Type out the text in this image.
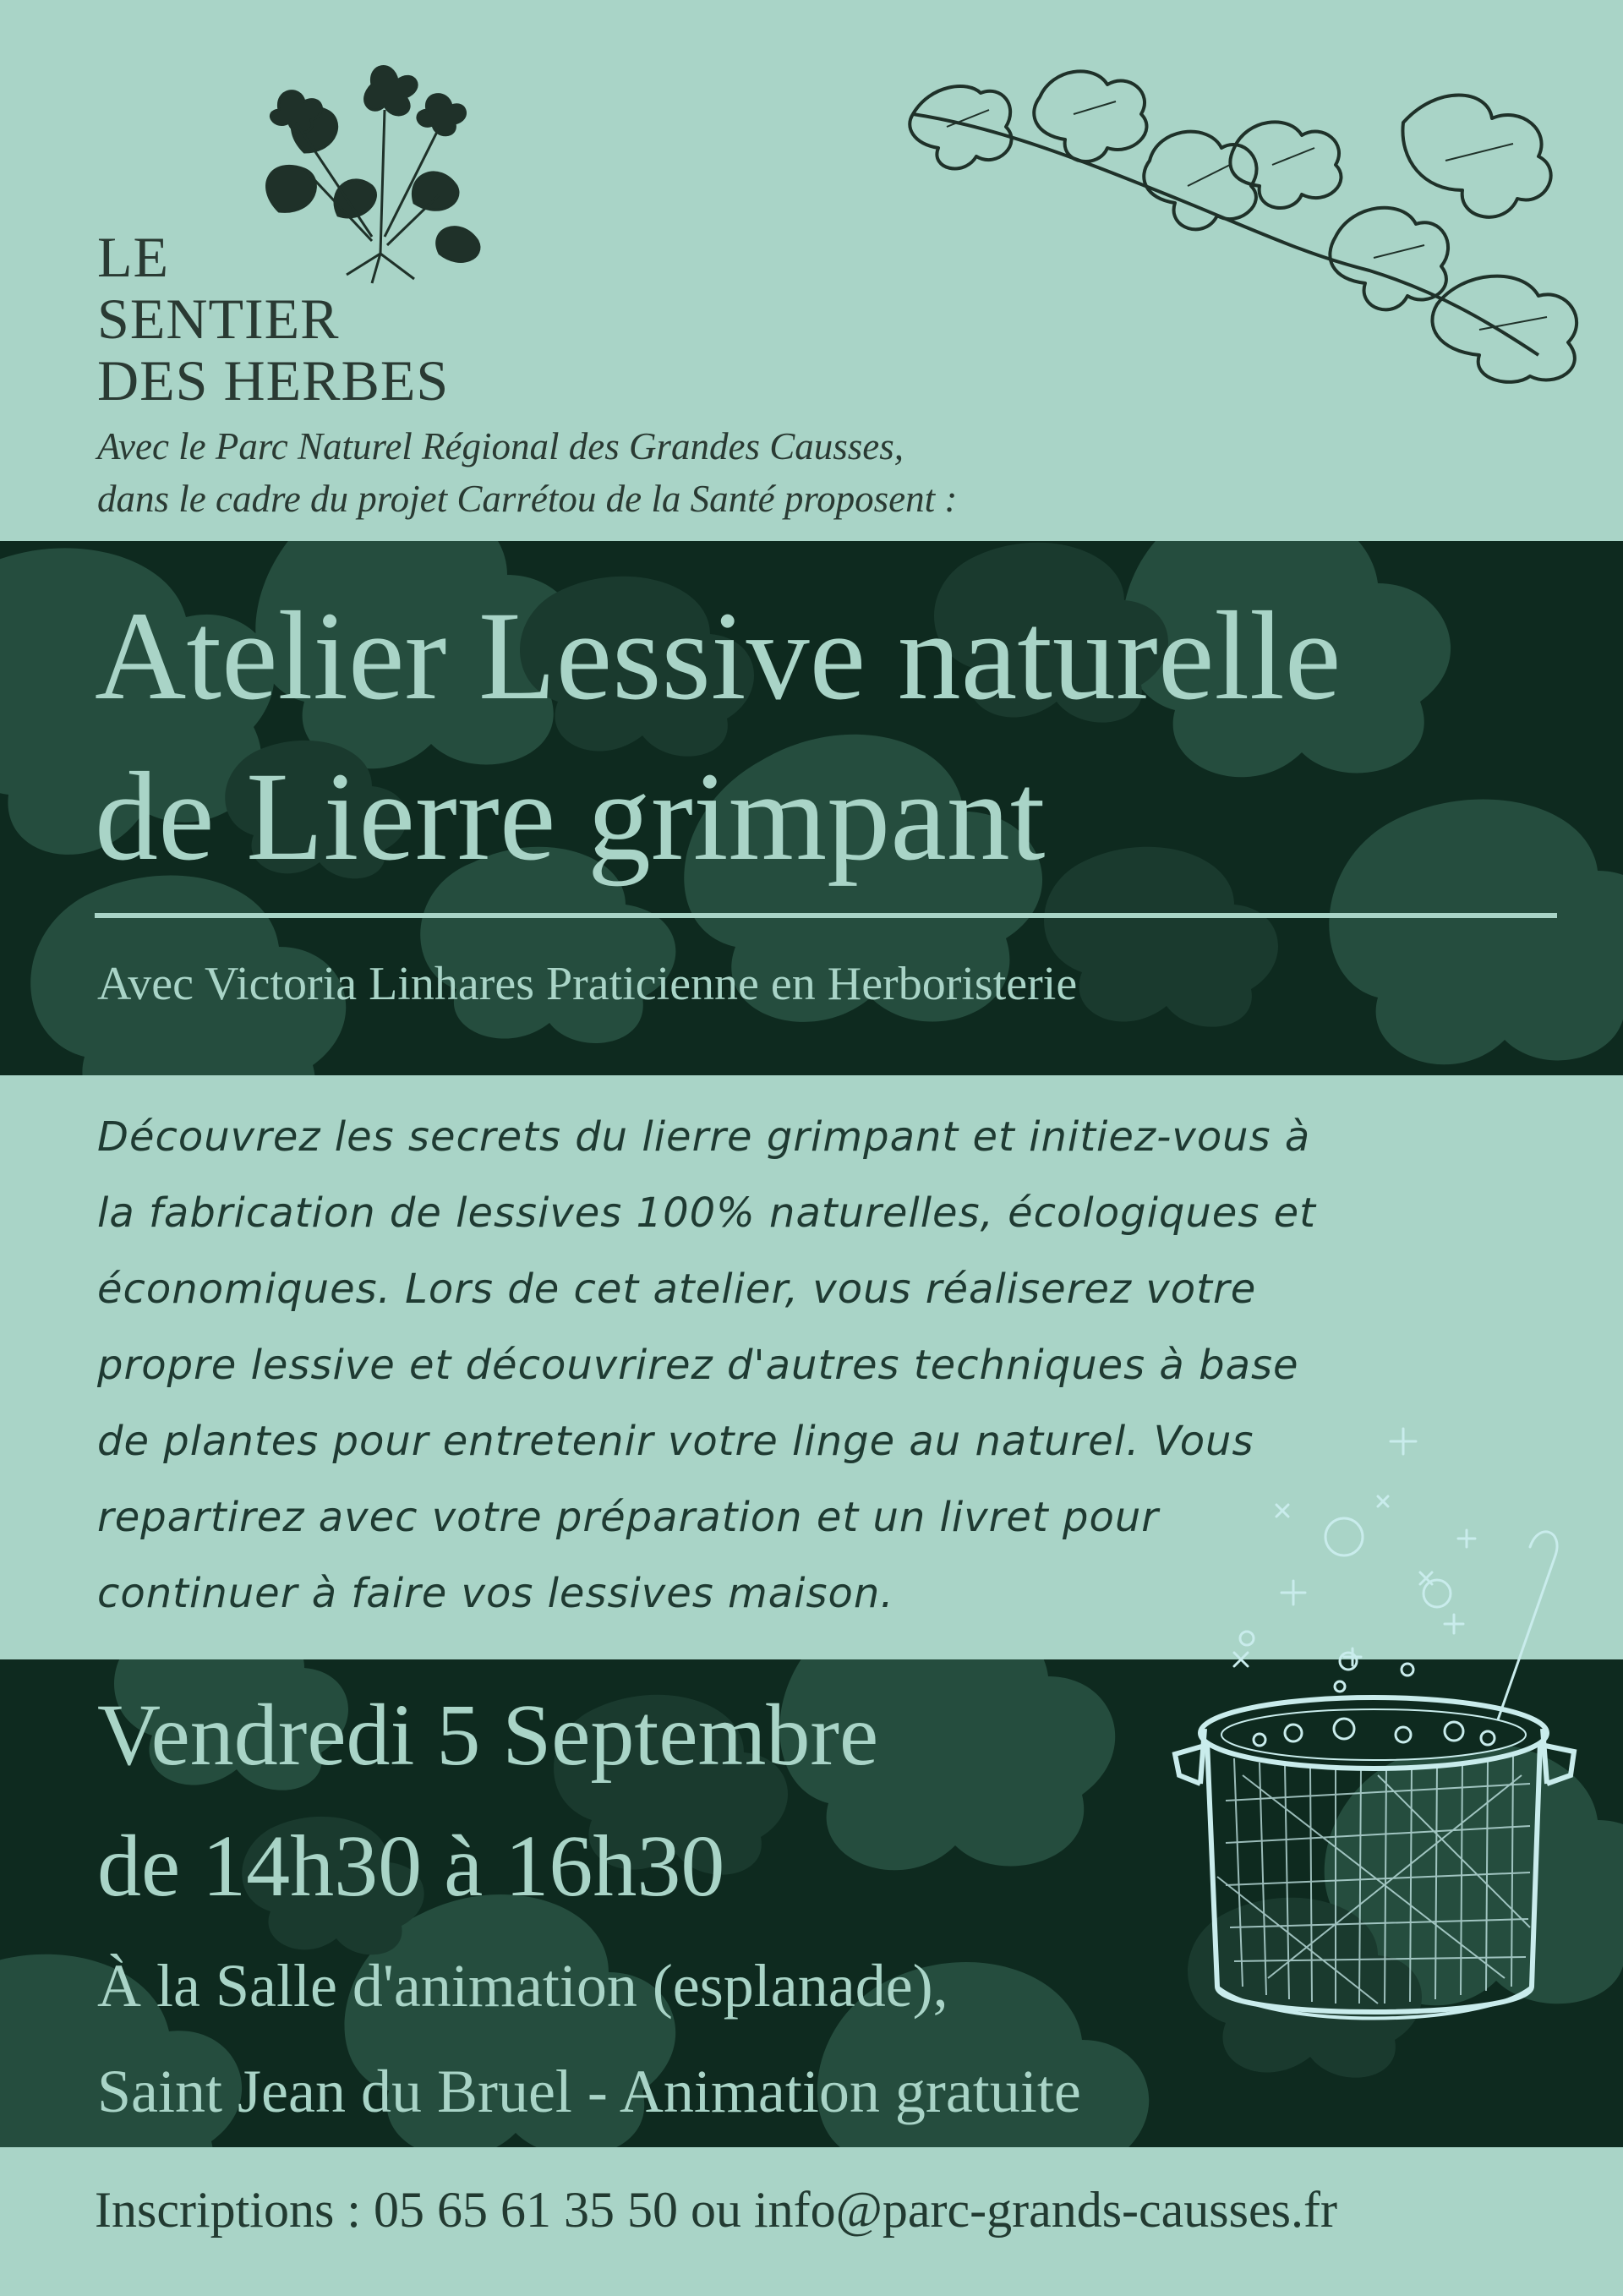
LE
SENTIER
DES HERBES

Avec le Parc Naturel Régional des Grandes Causses,

dans le cadre du projet Carrétou de la Santé proposent :

Atelier Lessive naturelle
de Lierre grimpant

Avec Victoria Linhares Praticienne en Herboristerie

Découvrez les secrets du lierre grimpant et initiez-vous à
la fabrication de lessives 100% naturelles, écologiques et
économiques. Lors de cet atelier, vous réaliserez votre
propre lessive et découvrirez d'autres techniques à base
de plantes pour entretenir votre linge au naturel. Vous
repartirez avec votre préparation et un livret pour
continuer à faire vos lessives maison.

Vendredi 5 Septembre
de 14h30 à 16h30

À la Salle d'animation (esplanade),

Saint Jean du Bruel - Animation gratuite

Inscriptions : 05 65 61 35 50 ou info@parc-grands-causses.fr
